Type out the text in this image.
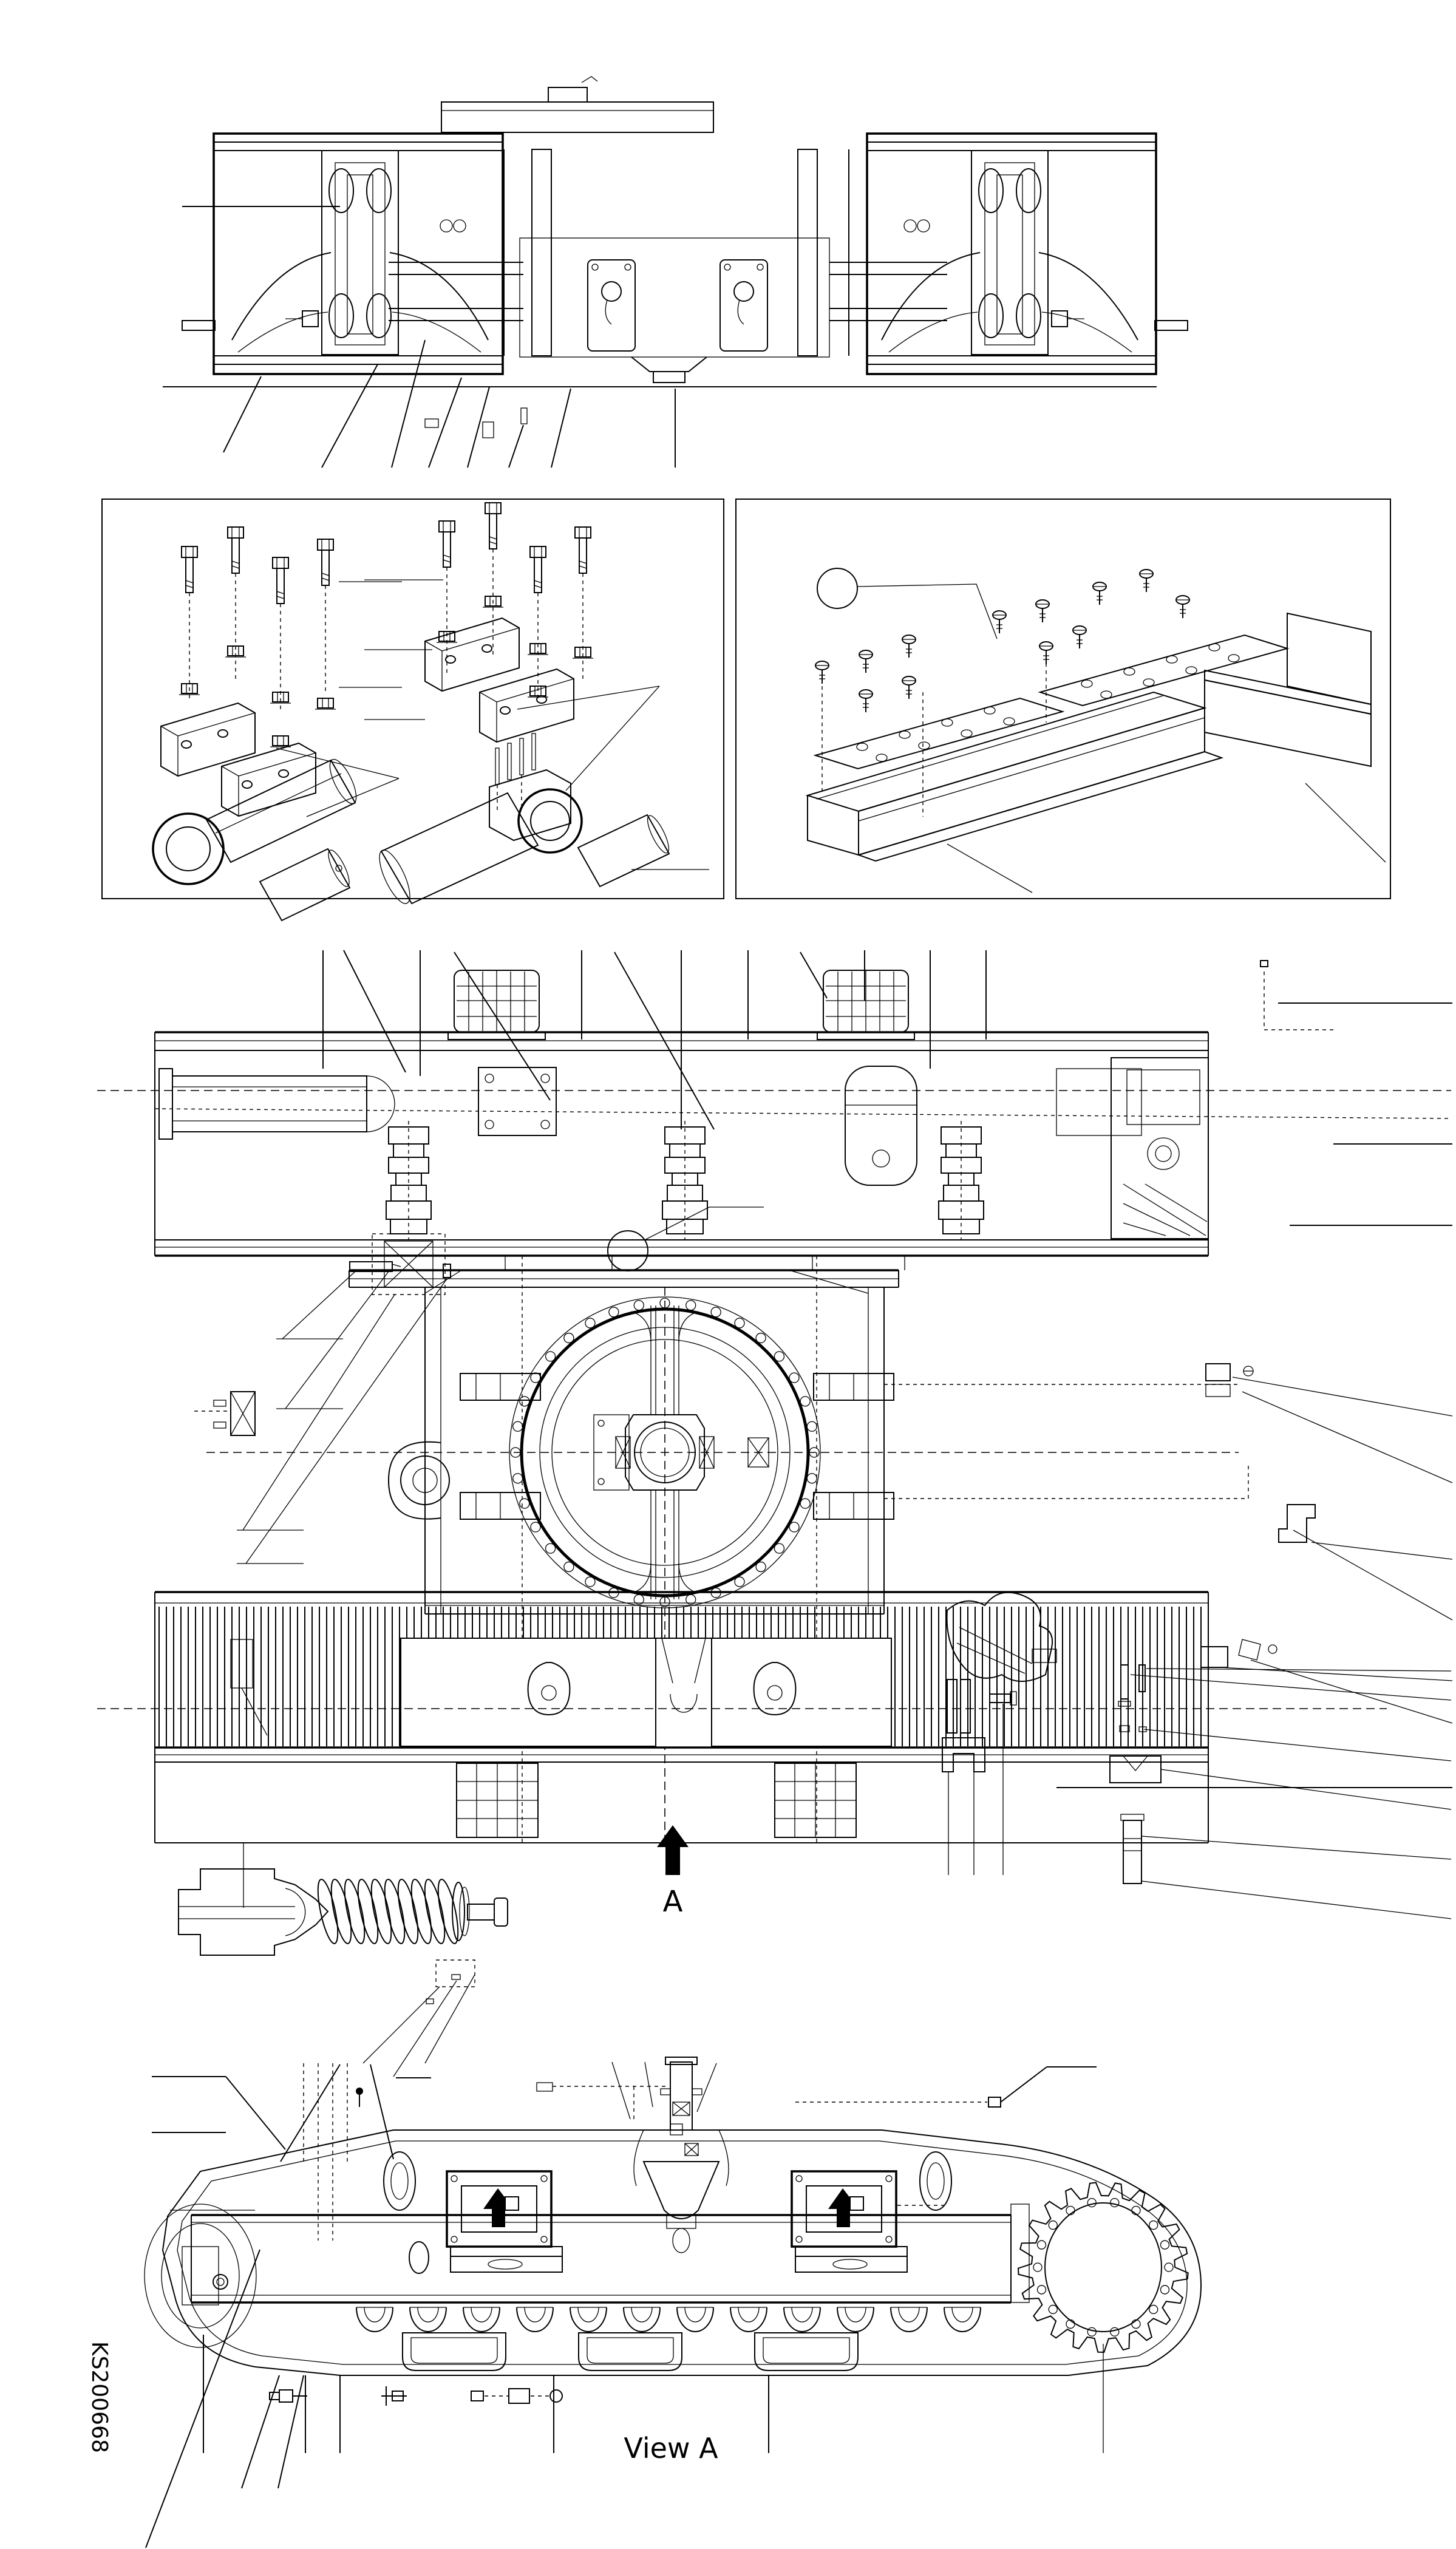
36
36
A
KS200668	View A
